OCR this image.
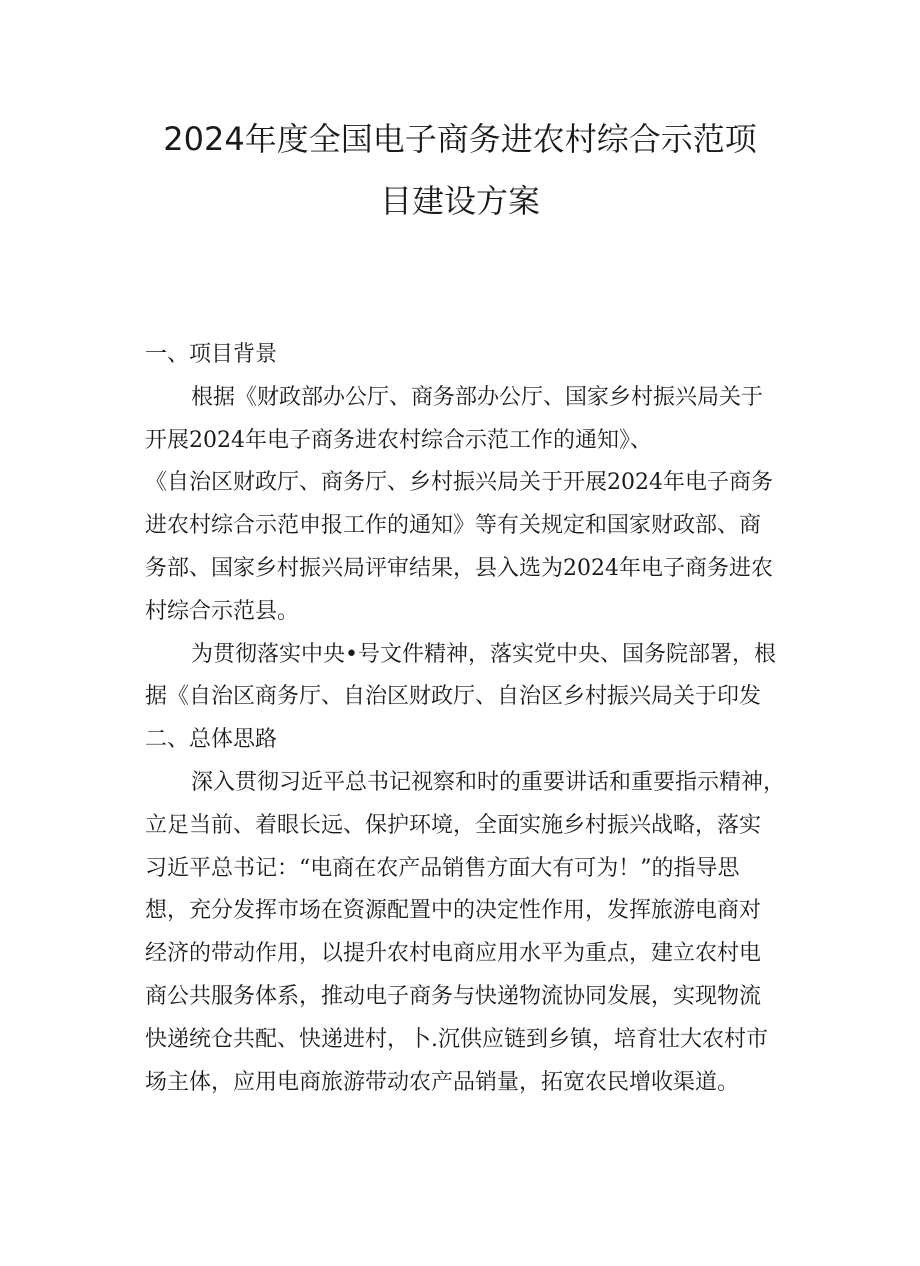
2024年度全国电子商务进农村综合示范项
目建设方案
一、项目背景

根据《财政部办公厅、商务部办公厅、国家乡村振兴局关于
开展2024年电子商务进农村综合示范工作的通知》、
《自治区财政厅、商务厅、乡村振兴局关于开展2024年电子商务
进农村综合示范申报工作的通知》等有关规定和国家财政部、商
务部、国家乡村振兴局评审结果，县入选为2024年电子商务进农
村综合示范县。

为贯彻落实中央•号文件精神，落实党中央、国务院部署，根
据《自治区商务厅、自治区财政厅、自治区乡村振兴局关于印发

二、总体思路

深入贯彻习近平总书记视察和时的重要讲话和重要指示精神，
立足当前、着眼长远、保护环境，全面实施乡村振兴战略，落实
习近平总书记：“电商在农产品销售方面大有可为！”的指导思
想，充分发挥市场在资源配置中的决定性作用，发挥旅游电商对
经济的带动作用，以提升农村电商应用水平为重点，建立农村电
商公共服务体系，推动电子商务与快递物流协同发展，实现物流
快递统仓共配、快递进村，卜.沉供应链到乡镇，培育壮大农村市
场主体，应用电商旅游带动农产品销量，拓宽农民增收渠道。
